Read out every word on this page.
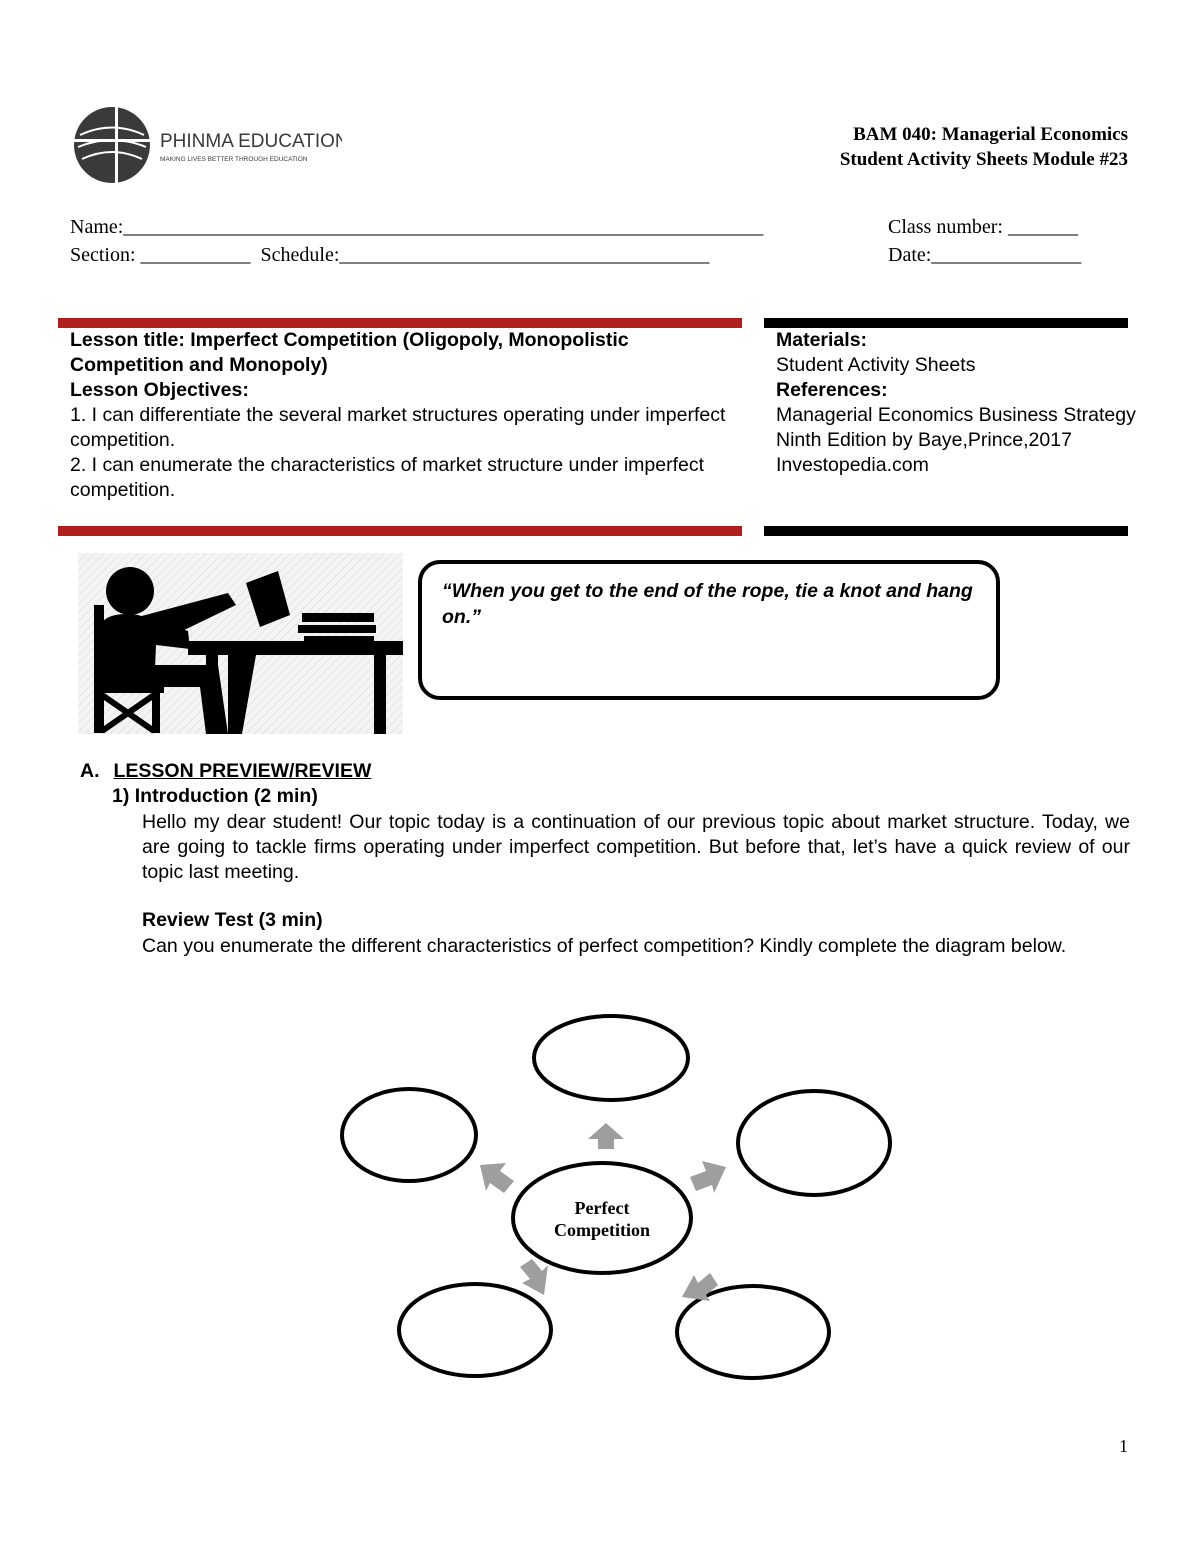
PHINMA EDUCATION
MAKING LIVES BETTER THROUGH EDUCATION
BAM 040: Managerial Economics
Student Activity Sheets Module #23
Name:________________________________________________________________	Class number: _______
Section: ___________  Schedule:_____________________________________	Date:_______________
Lesson title: Imperfect Competition (Oligopoly, Monopolistic Competition and Monopoly)
Lesson Objectives:
1. I can differentiate the several market structures operating under imperfect competition.
2. I can enumerate the characteristics of market structure under imperfect competition.
Materials:
Student Activity Sheets
References:
Managerial Economics Business Strategy Ninth Edition by Baye,Prince,2017
Investopedia.com
“When you get to the end of the rope, tie a knot and hang on.”
A. LESSON PREVIEW/REVIEW
1) Introduction (2 min)
Hello my dear student! Our topic today is a continuation of our previous topic about market structure. Today, we are going to tackle firms operating under imperfect competition. But before that, let’s have a quick review of our topic last meeting.
Review Test (3 min)
Can you enumerate the different characteristics of perfect competition? Kindly complete the diagram below.
Perfect
Competition
1
